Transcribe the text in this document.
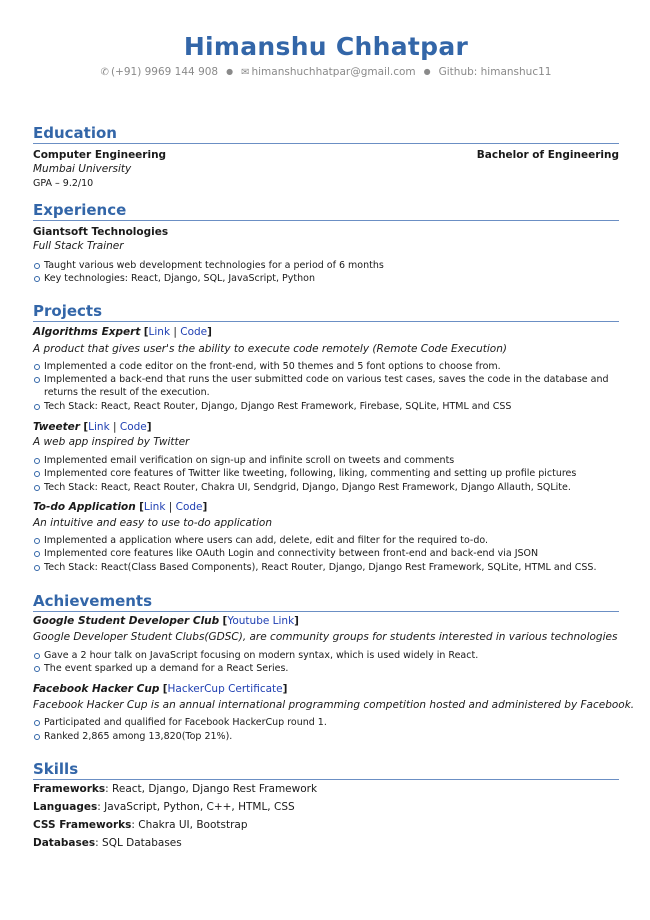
Himanshu Chhatpar
✆ (+91) 9969 144 908 ● ✉ himanshuchhatpar@gmail.com ● Github: himanshuc11
Education
Computer Engineering	Bachelor of Engineering
Mumbai University
GPA – 9.2/10
Experience
Giantsoft Technologies
Full Stack Trainer
Taught various web development technologies for a period of 6 months
Key technologies: React, Django, SQL, JavaScript, Python
Projects
Algorithms Expert [Link | Code]
A product that gives user's the ability to execute code remotely (Remote Code Execution)
Implemented a code editor on the front-end, with 50 themes and 5 font options to choose from.
Implemented a back-end that runs the user submitted code on various test cases, saves the code in the database and returns the result of the execution.
Tech Stack: React, React Router, Django, Django Rest Framework, Firebase, SQLite, HTML and CSS
Tweeter [Link | Code]
A web app inspired by Twitter
Implemented email verification on sign-up and infinite scroll on tweets and comments
Implemented core features of Twitter like tweeting, following, liking, commenting and setting up profile pictures
Tech Stack: React, React Router, Chakra UI, Sendgrid, Django, Django Rest Framework, Django Allauth, SQLite.
To-do Application [Link | Code]
An intuitive and easy to use to-do application
Implemented a application where users can add, delete, edit and filter for the required to-do.
Implemented core features like OAuth Login and connectivity between front-end and back-end via JSON
Tech Stack: React(Class Based Components), React Router, Django, Django Rest Framework, SQLite, HTML and CSS.
Achievements
Google Student Developer Club [Youtube Link]
Google Developer Student Clubs(GDSC), are community groups for students interested in various technologies
Gave a 2 hour talk on JavaScript focusing on modern syntax, which is used widely in React.
The event sparked up a demand for a React Series.
Facebook Hacker Cup [HackerCup Certificate]
Facebook Hacker Cup is an annual international programming competition hosted and administered by Facebook.
Participated and qualified for Facebook HackerCup round 1.
Ranked 2,865 among 13,820(Top 21%).
Skills
Frameworks: React, Django, Django Rest Framework
Languages: JavaScript, Python, C++, HTML, CSS
CSS Frameworks: Chakra UI, Bootstrap
Databases: SQL Databases
